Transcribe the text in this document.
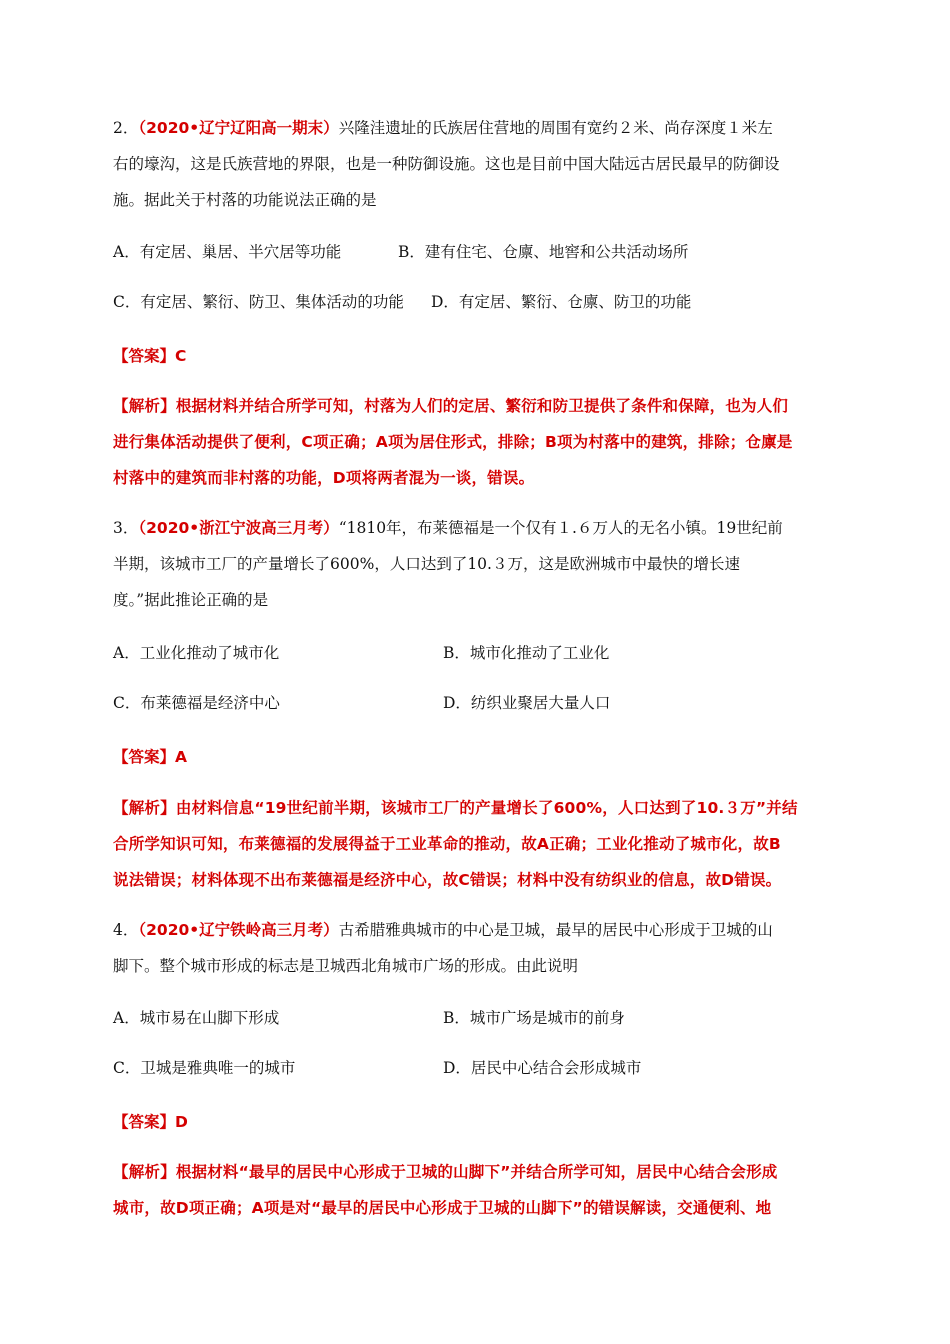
2．（2020•辽宁辽阳高一期末）兴隆洼遗址的氏族居住营地的周围有宽约２米、尚存深度１米左
右的壕沟，这是氏族营地的界限，也是一种防御设施。这也是目前中国大陆远古居民最早的防御设
施。据此关于村落的功能说法正确的是
A．有定居、巢居、半穴居等功能	B．建有住宅、仓廪、地窖和公共活动场所
C．有定居、繁衍、防卫、集体活动的功能 D．有定居、繁衍、仓廪、防卫的功能
【答案】C
【解析】根据材料并结合所学可知，村落为人们的定居、繁衍和防卫提供了条件和保障，也为人们
进行集体活动提供了便利，C项正确；A项为居住形式，排除；B项为村落中的建筑，排除；仓廪是
村落中的建筑而非村落的功能，D项将两者混为一谈，错误。
3．（2020•浙江宁波高三月考）“1810年，布莱德福是一个仅有１.６万人的无名小镇。19世纪前
半期，该城市工厂的产量增长了600%，人口达到了10.３万，这是欧洲城市中最快的增长速
度。”据此推论正确的是
A．工业化推动了城市化	B．城市化推动了工业化
C．布莱德福是经济中心	D．纺织业聚居大量人口
【答案】A
【解析】由材料信息“19世纪前半期，该城市工厂的产量增长了600%，人口达到了10.３万”并结
合所学知识可知，布莱德福的发展得益于工业革命的推动，故A正确；工业化推动了城市化，故B
说法错误；材料体现不出布莱德福是经济中心，故C错误；材料中没有纺织业的信息，故D错误。
4．（2020•辽宁铁岭高三月考）古希腊雅典城市的中心是卫城，最早的居民中心形成于卫城的山
脚下。整个城市形成的标志是卫城西北角城市广场的形成。由此说明
A．城市易在山脚下形成	B．城市广场是城市的前身
C．卫城是雅典唯一的城市	D．居民中心结合会形成城市
【答案】D
【解析】根据材料“最早的居民中心形成于卫城的山脚下”并结合所学可知，居民中心结合会形成
城市，故D项正确；A项是对“最早的居民中心形成于卫城的山脚下”的错误解读，交通便利、地
